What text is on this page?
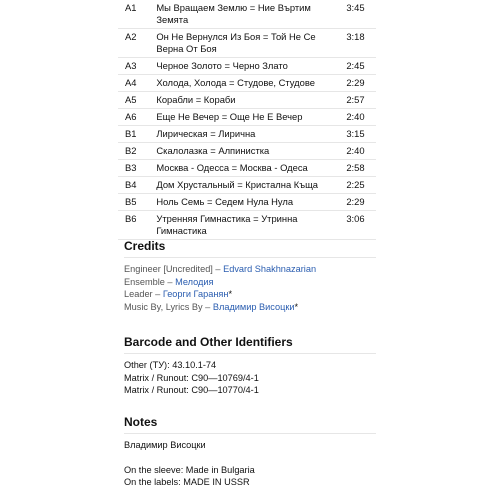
A1	Мы Вращаем Землю = Ние Въртим Земята	3:45
A2	Он Не Вернулся Из Боя = Той Не Се Верна От Боя	3:18
A3	Черное Золото = Черно Злато	2:45
A4	Холода, Холода = Студове, Студове	2:29
A5	Корабли = Кораби	2:57
A6	Еще Не Вечер = Още Не Е Вечер	2:40
B1	Лирическая = Лирична	3:15
B2	Скалолазка = Алпинистка	2:40
B3	Москва - Одесса = Москва - Одеса	2:58
B4	Дом Хрустальный = Кристална Къща	2:25
B5	Ноль Семь = Седем Нула Нула	2:29
B6	Утренняя Гимнастика = Утринна Гимнастика	3:06
Credits
Engineer [Uncredited] – Edvard Shakhnazarian
Ensemble – Мелодия
Leader – Георги Гаранян*
Music By, Lyrics By – Владимир Висоцки*
Barcode and Other Identifiers
Other (ТУ): 43.10.1-74
Matrix / Runout: C90—10769/4-1
Matrix / Runout: C90—10770/4-1
Notes
Владимир Висоцки
On the sleeve: Made in Bulgaria
On the labels: MADE IN USSR
